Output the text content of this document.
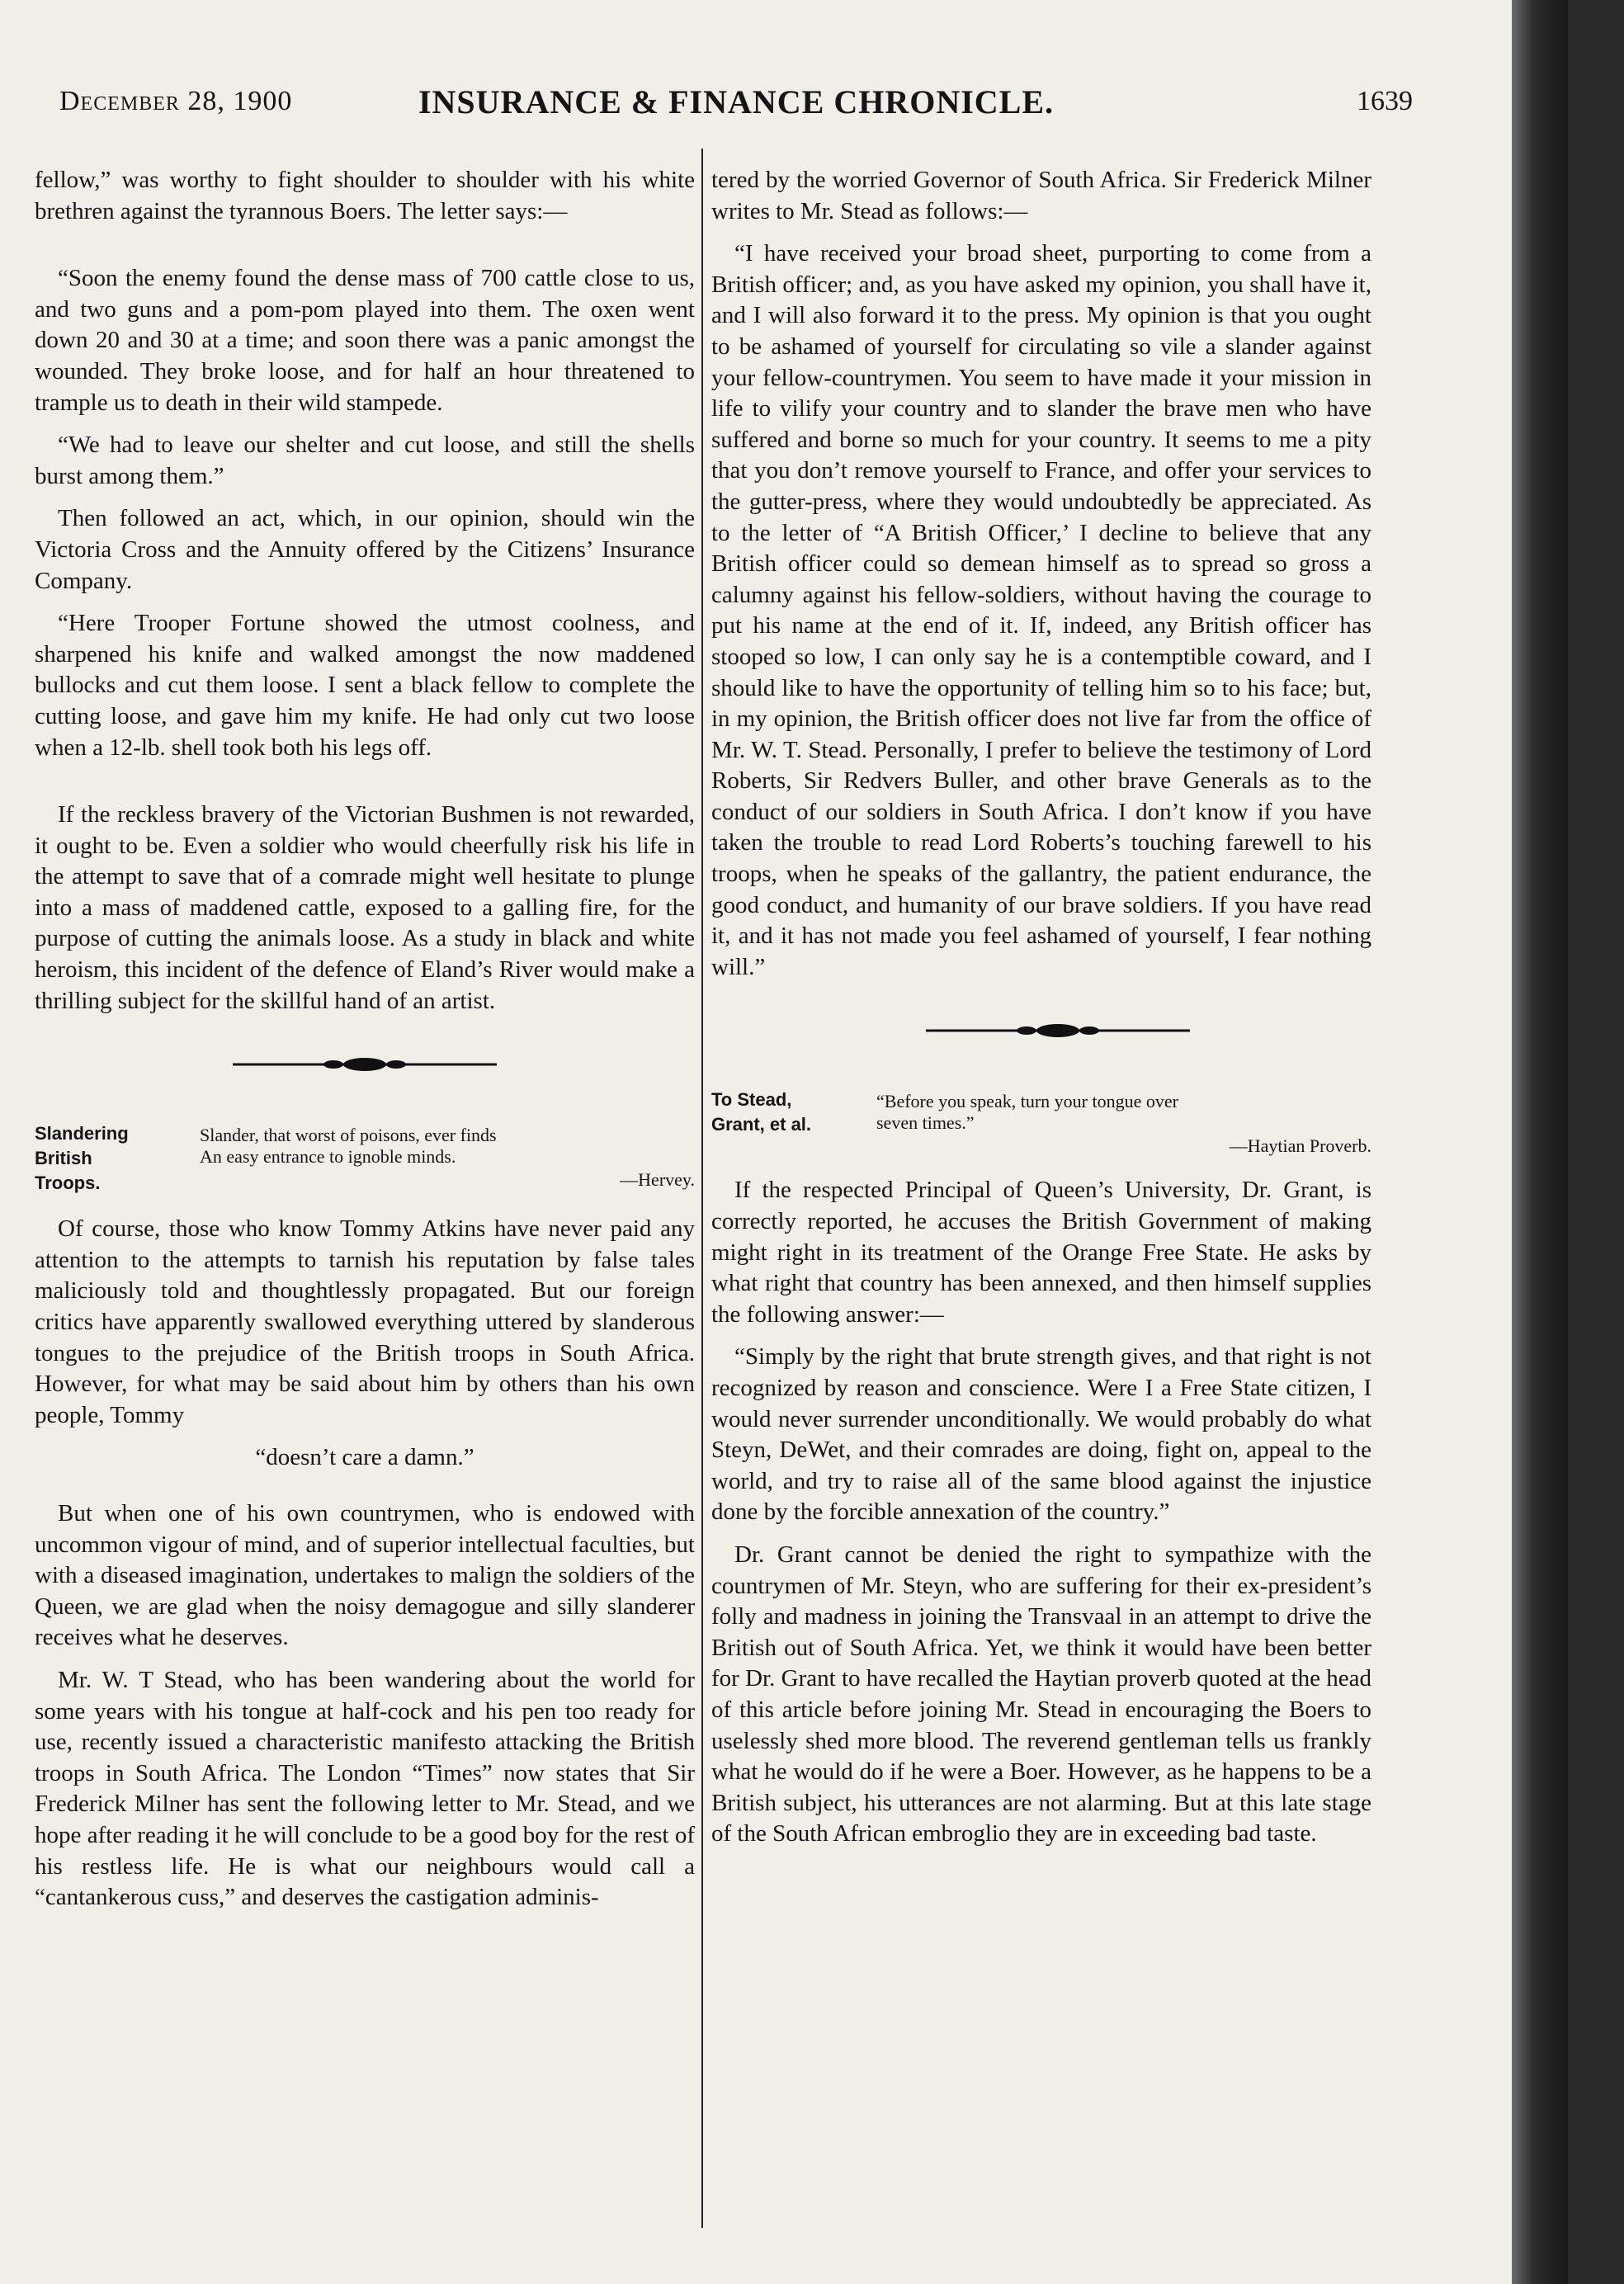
December 28, 1900	INSURANCE & FINANCE CHRONICLE.	1639

fellow,” was worthy to fight shoulder to shoulder with his white brethren against the tyrannous Boers. The letter says:—

“Soon the enemy found the dense mass of 700 cattle close to us, and two guns and a pom-pom played into them. The oxen went down 20 and 30 at a time; and soon there was a panic amongst the wounded. They broke loose, and for half an hour threatened to trample us to death in their wild stampede.

“We had to leave our shelter and cut loose, and still the shells burst among them.”

Then followed an act, which, in our opinion, should win the Victoria Cross and the Annuity offered by the Citizens’ Insurance Company.

“Here Trooper Fortune showed the utmost coolness, and sharpened his knife and walked amongst the now maddened bullocks and cut them loose. I sent a black fellow to complete the cutting loose, and gave him my knife. He had only cut two loose when a 12-lb. shell took both his legs off.

If the reckless bravery of the Victorian Bushmen is not rewarded, it ought to be. Even a soldier who would cheerfully risk his life in the attempt to save that of a comrade might well hesitate to plunge into a mass of maddened cattle, exposed to a galling fire, for the purpose of cutting the animals loose. As a study in black and white heroism, this incident of the defence of Eland’s River would make a thrilling subject for the skillful hand of an artist.

Slandering
British
Troops.
Slander, that worst of poisons, ever finds
An easy entrance to ignoble minds.
—Hervey.

Of course, those who know Tommy Atkins have never paid any attention to the attempts to tarnish his reputation by false tales maliciously told and thoughtlessly propagated. But our foreign critics have apparently swallowed everything uttered by slanderous tongues to the prejudice of the British troops in South Africa. However, for what may be said about him by others than his own people, Tommy

“doesn’t care a damn.”

But when one of his own countrymen, who is endowed with uncommon vigour of mind, and of superior intellectual faculties, but with a diseased imagination, undertakes to malign the soldiers of the Queen, we are glad when the noisy demagogue and silly slanderer receives what he deserves.

Mr. W. T Stead, who has been wandering about the world for some years with his tongue at half-cock and his pen too ready for use, recently issued a characteristic manifesto attacking the British troops in South Africa. The London “Times” now states that Sir Frederick Milner has sent the following letter to Mr. Stead, and we hope after reading it he will conclude to be a good boy for the rest of his restless life. He is what our neighbours would call a “cantankerous cuss,” and deserves the castigation adminis-

tered by the worried Governor of South Africa. Sir Frederick Milner writes to Mr. Stead as follows:—

“I have received your broad sheet, purporting to come from a British officer; and, as you have asked my opinion, you shall have it, and I will also forward it to the press. My opinion is that you ought to be ashamed of yourself for circulating so vile a slander against your fellow-countrymen. You seem to have made it your mission in life to vilify your country and to slander the brave men who have suffered and borne so much for your country. It seems to me a pity that you don’t remove yourself to France, and offer your services to the gutter-press, where they would undoubtedly be appreciated. As to the letter of “A British Officer,’ I decline to believe that any British officer could so demean himself as to spread so gross a calumny against his fellow-soldiers, without having the courage to put his name at the end of it. If, indeed, any British officer has stooped so low, I can only say he is a contemptible coward, and I should like to have the opportunity of telling him so to his face; but, in my opinion, the British officer does not live far from the office of Mr. W. T. Stead. Personally, I prefer to believe the testimony of Lord Roberts, Sir Redvers Buller, and other brave Generals as to the conduct of our soldiers in South Africa. I don’t know if you have taken the trouble to read Lord Roberts’s touching farewell to his troops, when he speaks of the gallantry, the patient endurance, the good conduct, and humanity of our brave soldiers. If you have read it, and it has not made you feel ashamed of yourself, I fear nothing will.”

To Stead,
Grant, et al.
“Before you speak, turn your tongue over
seven times.”
—Haytian Proverb.

If the respected Principal of Queen’s University, Dr. Grant, is correctly reported, he accuses the British Government of making might right in its treatment of the Orange Free State. He asks by what right that country has been annexed, and then himself supplies the following answer:—

“Simply by the right that brute strength gives, and that right is not recognized by reason and conscience. Were I a Free State citizen, I would never surrender unconditionally. We would probably do what Steyn, DeWet, and their comrades are doing, fight on, appeal to the world, and try to raise all of the same blood against the injustice done by the forcible annexation of the country.”

Dr. Grant cannot be denied the right to sympathize with the countrymen of Mr. Steyn, who are suffering for their ex-president’s folly and madness in joining the Transvaal in an attempt to drive the British out of South Africa. Yet, we think it would have been better for Dr. Grant to have recalled the Haytian proverb quoted at the head of this article before joining Mr. Stead in encouraging the Boers to uselessly shed more blood. The reverend gentleman tells us frankly what he would do if he were a Boer. However, as he happens to be a British subject, his utterances are not alarming. But at this late stage of the South African embroglio they are in exceeding bad taste.
